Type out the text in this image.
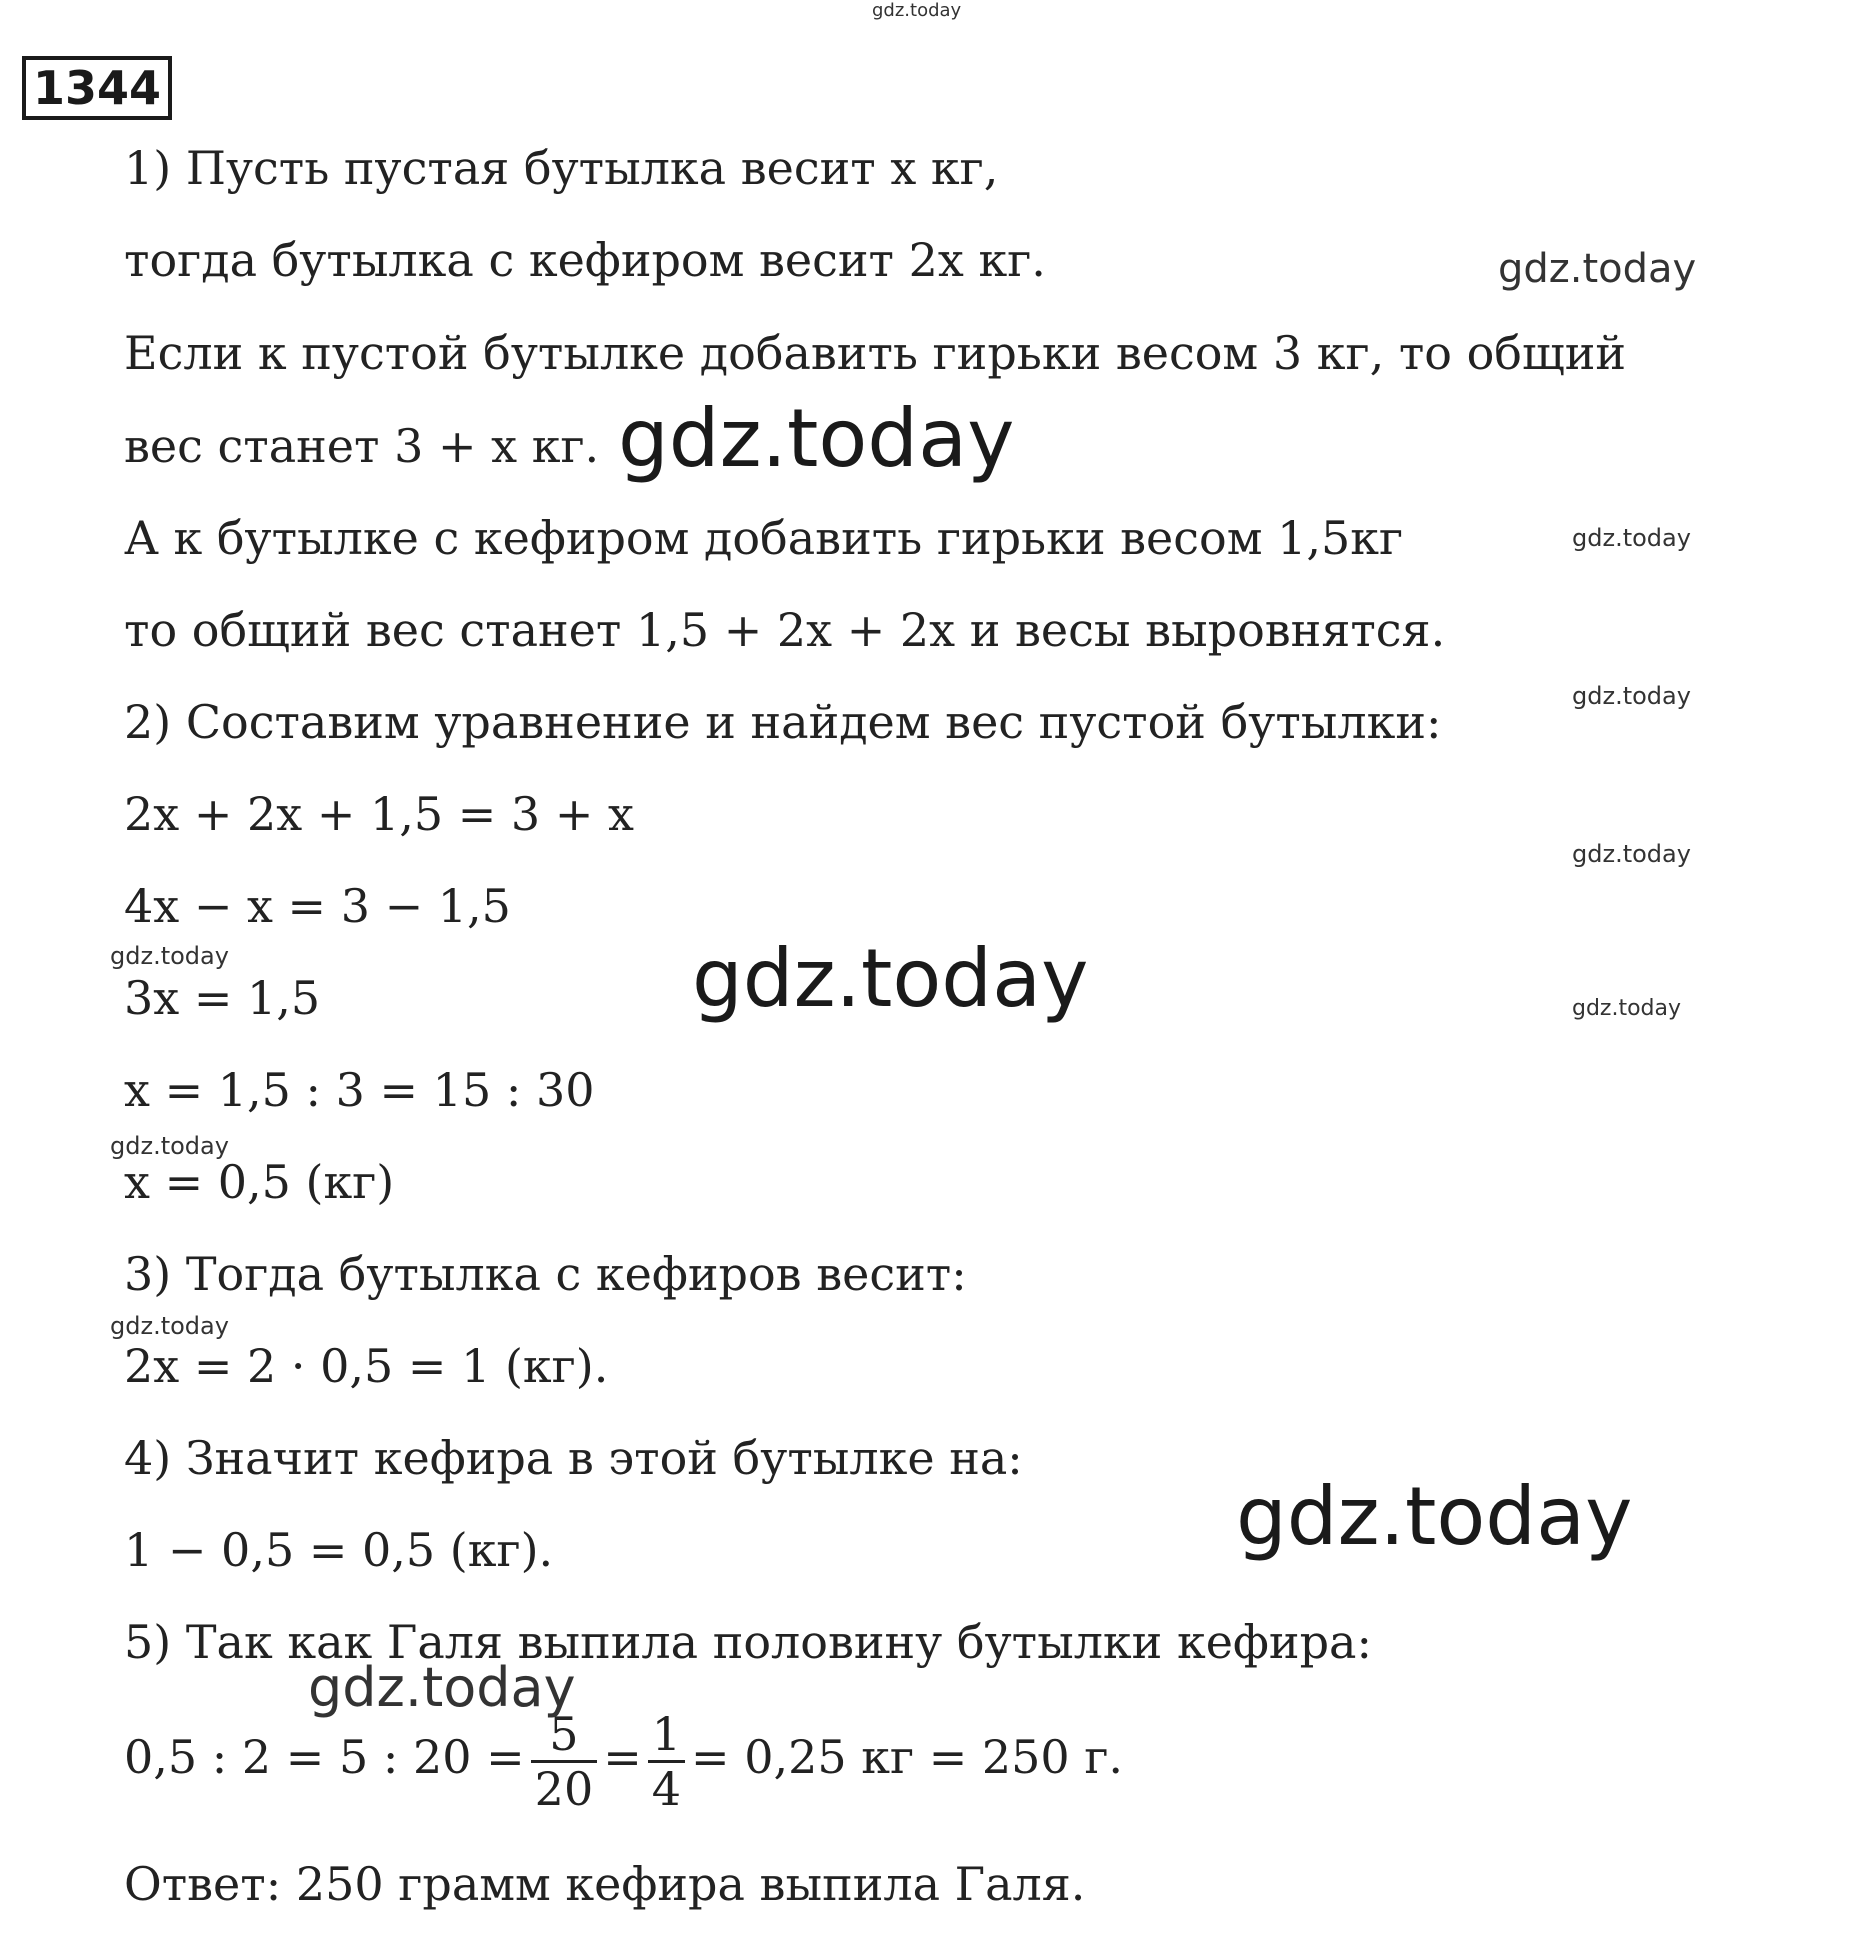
1344
1) Пусть пустая бутылка весит x кг,
тогда бутылка с кефиром весит 2x кг.
Если к пустой бутылке добавить гирьки весом 3 кг, то общий
вес станет 3 + x кг.
А к бутылке с кефиром добавить гирьки весом 1,5кг
то общий вес станет 1,5 + 2x + 2x и весы выровнятся.
2) Составим уравнение и найдем вес пустой бутылки:
2x + 2x + 1,5 = 3 + x
4x − x = 3 − 1,5
3x = 1,5
x = 1,5 : 3 = 15 : 30
x = 0,5 (кг)
3) Тогда бутылка с кефиров весит:
2x = 2 · 0,5 = 1 (кг).
4) Значит кефира в этой бутылке на:
1 − 0,5 = 0,5 (кг).
5) Так как Галя выпила половину бутылки кефира:
0,5 : 2 = 5 : $20 = \frac{5}{20} = \frac{1}{4} = 0,25$ кг = 250 г.
Ответ: 250 грамм кефира выпила Галя.
gdz.today
gdz.today
gdz.today
gdz.today
gdz.today
gdz.today
gdz.today	gdz.today	gdz.today
gdz.today
gdz.today
gdz.today
gdz.today
